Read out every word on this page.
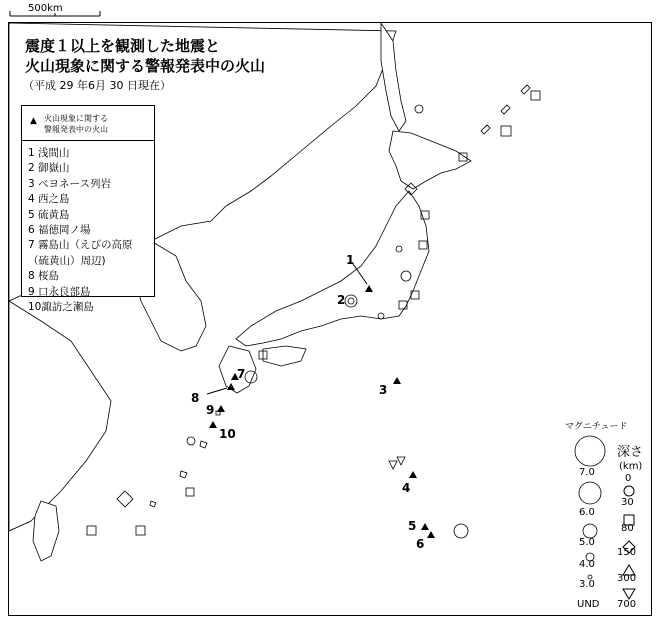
500km
震度１以上を観測した地震と
火山現象に関する警報発表中の火山
（平成 29 年6月 30 日現在）
▲ 火山現象に関する
警報発表中の火山
1 浅間山
2 御嶽山
3 ベヨネース列岩
4 西之島
5 硫黄島
6 福徳岡ノ場
7 霧島山（えびの高原
（硫黄山）周辺)
8 桜島
9 口永良部島
10諏訪之瀬島
1
2
3
4
5
6
7
8
9
10	マグニチュード
7.0
6.0
5.0
4.0
3.0
UND
深さ
(km)
0
30
80
150
300
700
